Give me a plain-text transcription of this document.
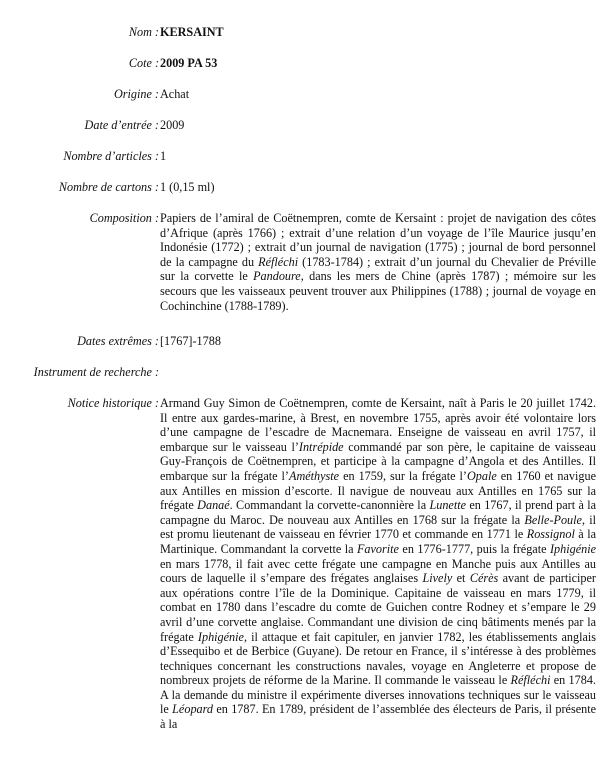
Nom : KERSAINT
Cote : 2009 PA 53
Origine : Achat
Date d’entrée : 2009
Nombre d’articles : 1
Nombre de cartons : 1 (0,15 ml)
Composition : Papiers de l’amiral de Coëtnempren, comte de Kersaint : projet de navigation des côtes d’Afrique (après 1766) ; extrait d’une relation d’un voyage de l’île Maurice jusqu’en Indonésie (1772) ; extrait d’un journal de navigation (1775) ; journal de bord personnel de la campagne du Réfléchi (1783-1784) ; extrait d’un journal du Chevalier de Préville sur la corvette le Pandoure, dans les mers de Chine (après 1787) ; mémoire sur les secours que les vaisseaux peuvent trouver aux Philippines (1788) ; journal de voyage en Cochinchine (1788-1789).
Dates extrêmes : [1767]-1788
Instrument de recherche :
Notice historique : Armand Guy Simon de Coëtnempren, comte de Kersaint, naît à Paris le 20 juillet 1742. Il entre aux gardes-marine, à Brest, en novembre 1755, après avoir été volontaire lors d’une campagne de l’escadre de Macnemara. Enseigne de vaisseau en avril 1757, il embarque sur le vaisseau l’Intrépide commandé par son père, le capitaine de vaisseau Guy-François de Coëtnempren, et participe à la campagne d’Angola et des Antilles. Il embarque sur la frégate l’Améthyste en 1759, sur la frégate l’Opale en 1760 et navigue aux Antilles en mission d’escorte. Il navigue de nouveau aux Antilles en 1765 sur la frégate Danaé. Commandant la corvette-canonnière la Lunette en 1767, il prend part à la campagne du Maroc. De nouveau aux Antilles en 1768 sur la frégate la Belle-Poule, il est promu lieutenant de vaisseau en février 1770 et commande en 1771 le Rossignol à la Martinique. Commandant la corvette la Favorite en 1776-1777, puis la frégate Iphigénie en mars 1778, il fait avec cette frégate une campagne en Manche puis aux Antilles au cours de laquelle il s’empare des frégates anglaises Lively et Cérès avant de participer aux opérations contre l’île de la Dominique. Capitaine de vaisseau en mars 1779, il combat en 1780 dans l’escadre du comte de Guichen contre Rodney et s’empare le 29 avril d’une corvette anglaise. Commandant une division de cinq bâtiments menés par la frégate Iphigénie, il attaque et fait capituler, en janvier 1782, les établissements anglais d’Essequibo et de Berbice (Guyane). De retour en France, il s’intéresse à des problèmes techniques concernant les constructions navales, voyage en Angleterre et propose de nombreux projets de réforme de la Marine. Il commande le vaisseau le Réfléchi en 1784. A la demande du ministre il expérimente diverses innovations techniques sur le vaisseau le Léopard en 1787. En 1789, président de l’assemblée des électeurs de Paris, il présente à la
